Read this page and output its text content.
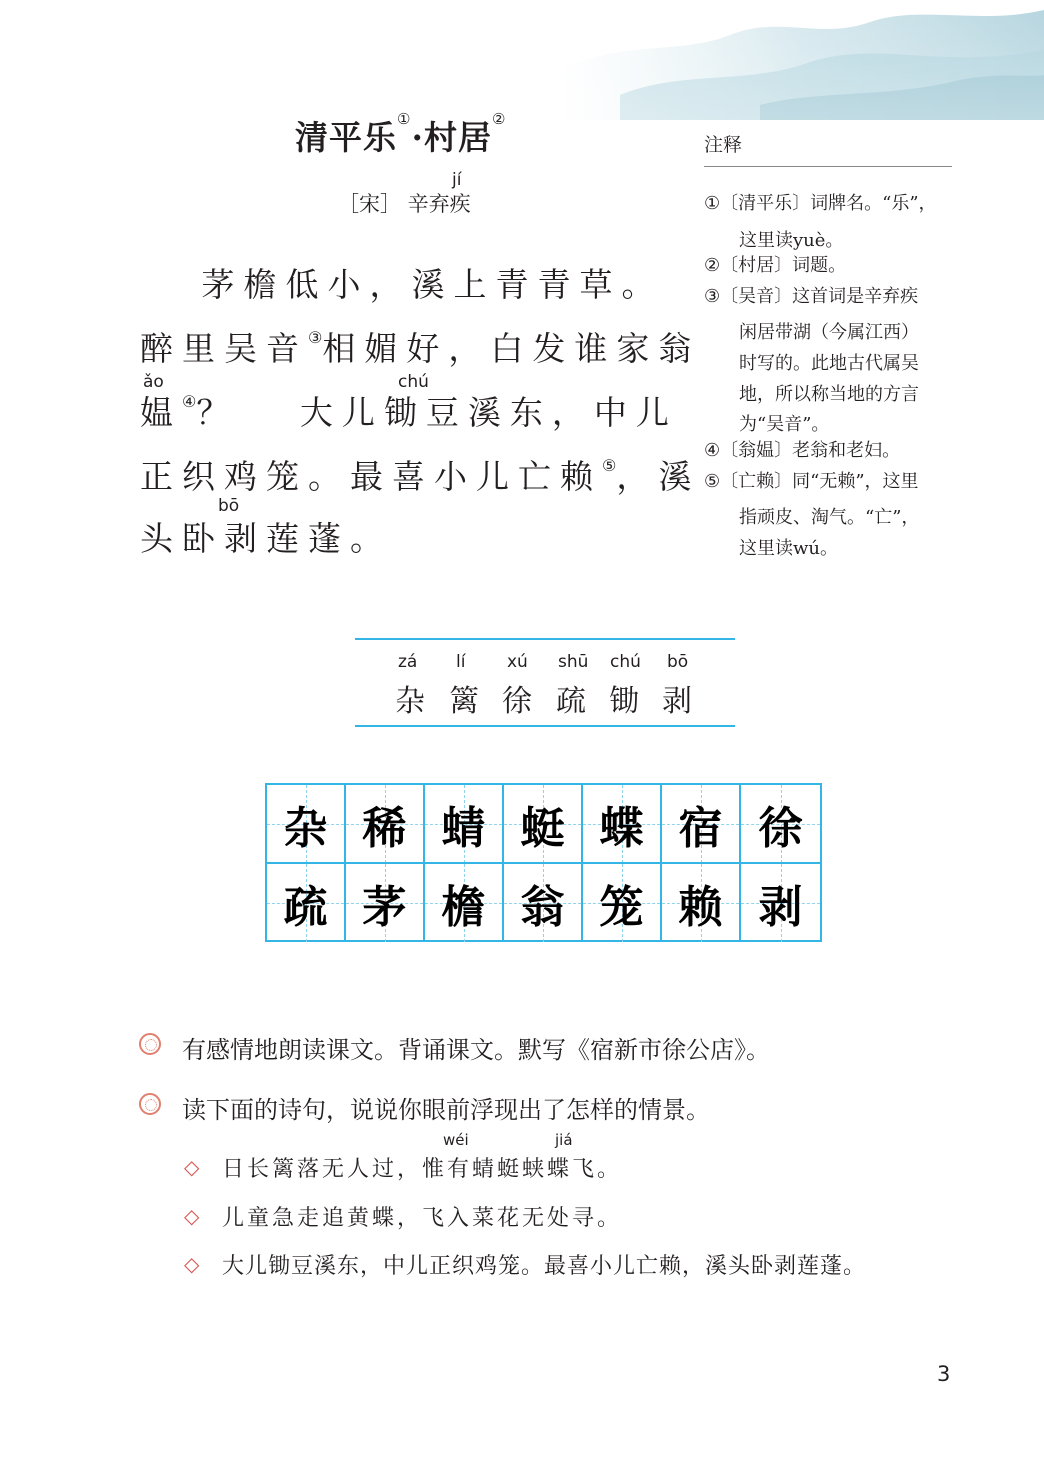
清平乐①·村居②
jí
［宋］ 辛弃疾
　 茅檐低小，溪上青青草。
醉里吴音③相媚好，白发谁家翁
ǎo	chú
媪④？　 大儿锄豆溪东，中儿
正织鸡笼。最喜小儿亡赖⑤，溪
bō
头卧剥莲蓬。
注释
①〔清平乐〕词牌名。“乐”，
这里读yuè。
②〔村居〕词题。
③〔吴音〕这首词是辛弃疾
闲居带湖（今属江西）
时写的。此地古代属吴
地，所以称当地的方言
为“吴音”。
④〔翁媪〕老翁和老妇。
⑤〔亡赖〕同“无赖”，这里
指顽皮、淘气。“亡”，
这里读wú。
zá lí xú shū chú bō
杂 篱 徐 疏 锄 剥
杂 稀 蜻 蜓 蝶 宿 徐
疏 茅 檐 翁 笼 赖 剥
有感情地朗读课文。背诵课文。默写《宿新市徐公店》。
读下面的诗句，说说你眼前浮现出了怎样的情景。
wéi	jiá
◇ 日长篱落无人过，惟有蜻蜓蛱蝶飞。
◇ 儿童急走追黄蝶，飞入菜花无处寻。
◇ 大儿锄豆溪东，中儿正织鸡笼。最喜小儿亡赖，溪头卧剥莲蓬。
3
